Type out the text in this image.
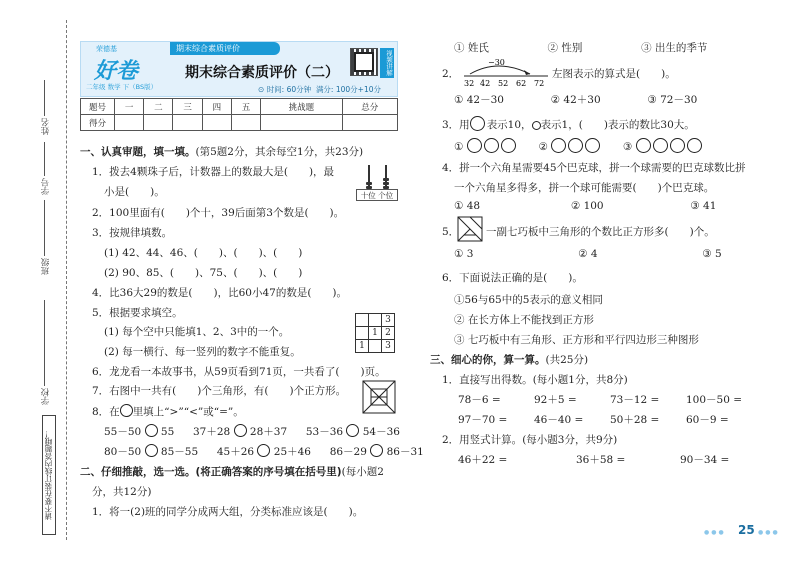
姓名
学号
班级
学校
请不要在装订线内答题哦！
期末综合素质评价
荣德基
好卷
二年级 数学 下（BS版）
期末综合素质评价（二）
⊙ 时间: 60分钟 满分: 100分+10分
视频讲解
题号	一	二	三	四	五	挑战题	总分
得分							
一、认真审题，填一填。(第5题2分，其余每空1分，共23分)
1．拨去4颗珠子后，计数器上的数最大是(　　)，最
小是(　　)。	十位 个位
2．100里面有(　　)个十，39后面第3个数是(　　)。
3．按规律填数。
(1) 42、44、46、(　　)、(　　)、(　　)
(2) 90、85、(　　)、75、(　　)、(　　)
4．比36大29的数是(　　)，比60小47的数是(　　)。
5．根据要求填空。
(1) 每个空中只能填1、2、3中的一个。
(2) 每一横行、每一竖列的数字不能重复。
		3
	1	2
1		3
6．龙龙看一本故事书，从59页看到71页，一共看了(　　)页。
7．右图中一共有(　　)个三角形，有(　　)个正方形。
8．在 里填上“>”“<”或“=”。
55－50 55 37＋28 28＋37 53－36 54－36
80－50 85－55 45＋26 25＋46 86－29 86－31
二、仔细推敲，选一选。(将正确答案的序号填在括号里)(每小题2
分，共12分)
1．将一(2)班的同学分成两大组，分类标准应该是(　　)。
① 姓氏	② 性别	③ 出生的季节
2．
−30
32 42 52 62 72
左图表示的算式是(　　)。
① 42－30	② 42＋30	③ 72－30
3．用 表示10， 表示1，(　　)表示的数比30大。
①	②	③
4．拼一个六角星需要45个巴克球，拼一个球需要的巴克球数比拼
一个六角星多得多，拼一个球可能需要(　　)个巴克球。
① 48	② 100	③ 41
5．	一副七巧板中三角形的个数比正方形多(　　)个。
① 3	② 4	③ 5
6．下面说法正确的是(　　)。
①56与65中的5表示的意义相同
② 在长方体上不能找到正方形
③ 七巧板中有三角形、正方形和平行四边形三种图形
三、细心的你，算一算。(共25分)
1．直接写出得数。(每小题1分，共8分)
78－6 =	92＋5 =	73－12 =	100－50 =
97－70 =	46－40 =	50＋28 =	60－9 =
2．用竖式计算。(每小题3分，共9分)
46＋22 =	36＋58 =	90－34 =
●●● 25 ●●●
